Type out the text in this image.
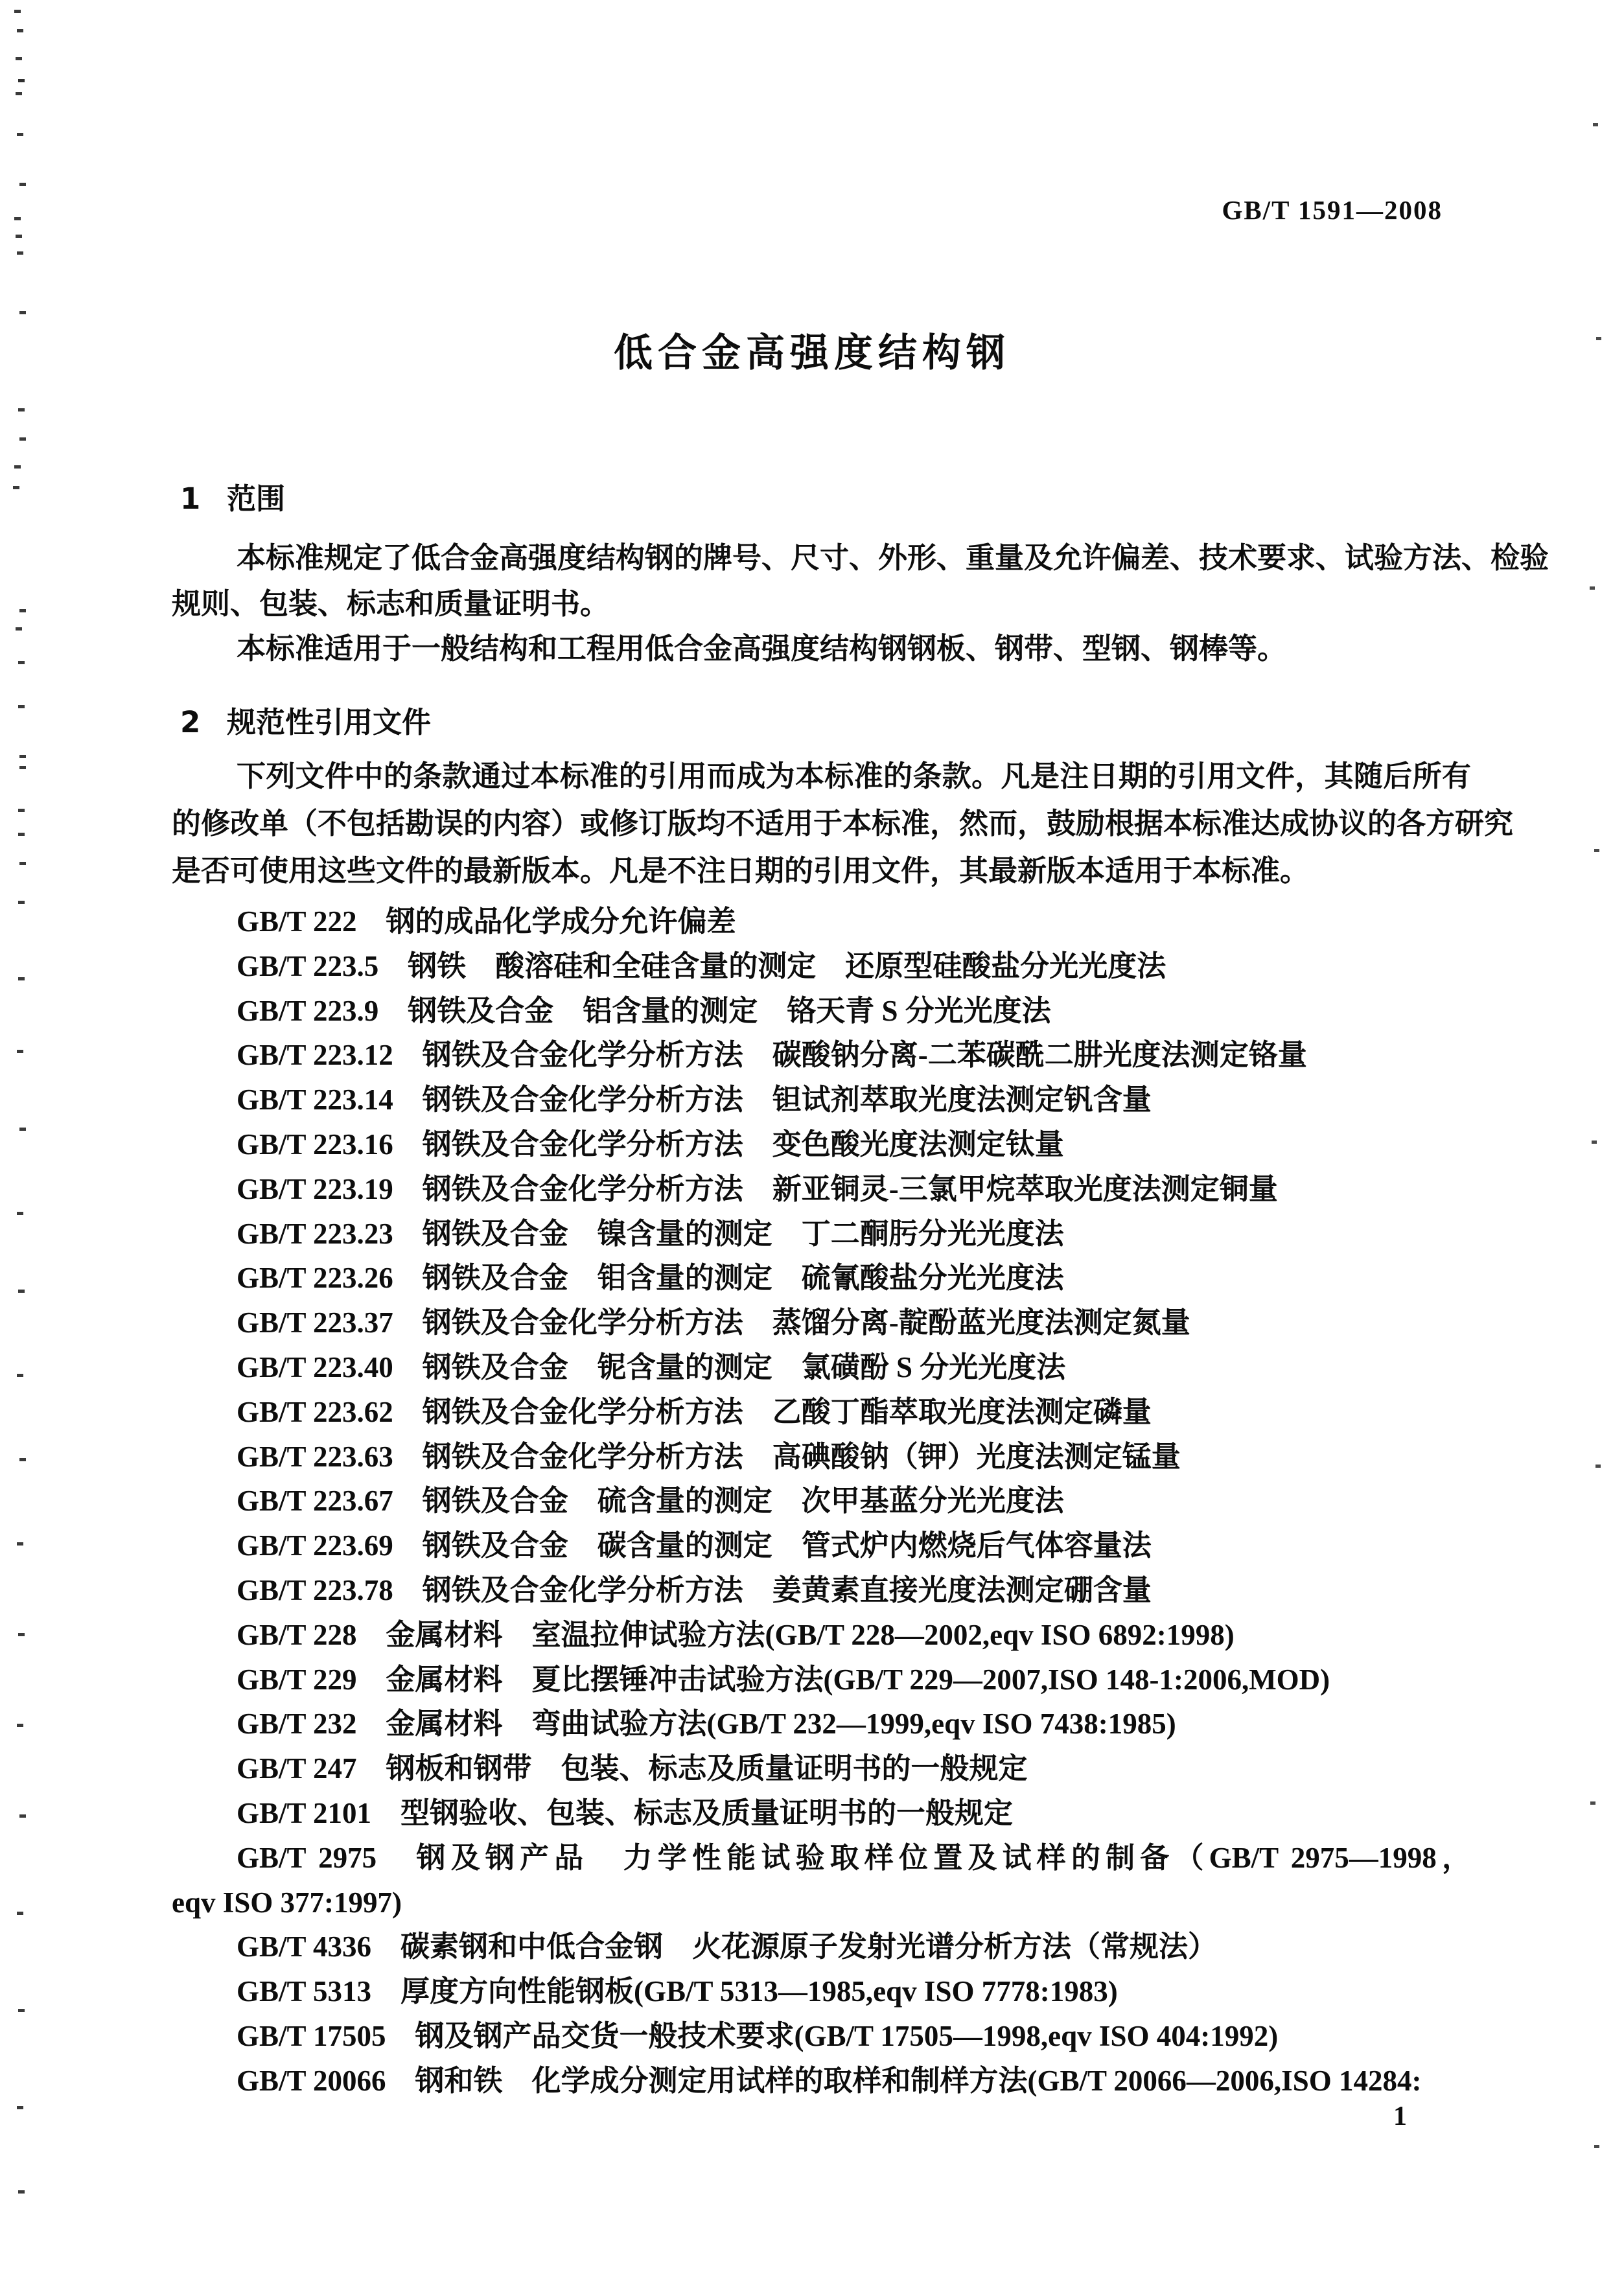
GB/T 1591—2008
低合金高强度结构钢
1 范围
本标准规定了低合金高强度结构钢的牌号、尺寸、外形、重量及允许偏差、技术要求、试验方法、检验
规则、包装、标志和质量证明书。
本标准适用于一般结构和工程用低合金高强度结构钢钢板、钢带、型钢、钢棒等。
2 规范性引用文件
下列文件中的条款通过本标准的引用而成为本标准的条款。凡是注日期的引用文件，其随后所有
的修改单（不包括勘误的内容）或修订版均不适用于本标准，然而，鼓励根据本标准达成协议的各方研究
是否可使用这些文件的最新版本。凡是不注日期的引用文件，其最新版本适用于本标准。
GB/T 222　钢的成品化学成分允许偏差
GB/T 223.5　钢铁　酸溶硅和全硅含量的测定　还原型硅酸盐分光光度法
GB/T 223.9　钢铁及合金　铝含量的测定　铬天青 S 分光光度法
GB/T 223.12　钢铁及合金化学分析方法　碳酸钠分离-二苯碳酰二肼光度法测定铬量
GB/T 223.14　钢铁及合金化学分析方法　钽试剂萃取光度法测定钒含量
GB/T 223.16　钢铁及合金化学分析方法　变色酸光度法测定钛量
GB/T 223.19　钢铁及合金化学分析方法　新亚铜灵-三氯甲烷萃取光度法测定铜量
GB/T 223.23　钢铁及合金　镍含量的测定　丁二酮肟分光光度法
GB/T 223.26　钢铁及合金　钼含量的测定　硫氰酸盐分光光度法
GB/T 223.37　钢铁及合金化学分析方法　蒸馏分离-靛酚蓝光度法测定氮量
GB/T 223.40　钢铁及合金　铌含量的测定　氯磺酚 S 分光光度法
GB/T 223.62　钢铁及合金化学分析方法　乙酸丁酯萃取光度法测定磷量
GB/T 223.63　钢铁及合金化学分析方法　高碘酸钠（钾）光度法测定锰量
GB/T 223.67　钢铁及合金　硫含量的测定　次甲基蓝分光光度法
GB/T 223.69　钢铁及合金　碳含量的测定　管式炉内燃烧后气体容量法
GB/T 223.78　钢铁及合金化学分析方法　姜黄素直接光度法测定硼含量
GB/T 228　金属材料　室温拉伸试验方法(GB/T 228—2002,eqv ISO 6892:1998)
GB/T 229　金属材料　夏比摆锤冲击试验方法(GB/T 229—2007,ISO 148-1:2006,MOD)
GB/T 232　金属材料　弯曲试验方法(GB/T 232—1999,eqv ISO 7438:1985)
GB/T 247　钢板和钢带　包装、标志及质量证明书的一般规定
GB/T 2101　型钢验收、包装、标志及质量证明书的一般规定
GB/T 2975　钢及钢产品　力学性能试验取样位置及试样的制备（GB/T 2975—1998，
eqv ISO 377:1997)
GB/T 4336　碳素钢和中低合金钢　火花源原子发射光谱分析方法（常规法）
GB/T 5313　厚度方向性能钢板(GB/T 5313—1985,eqv ISO 7778:1983)
GB/T 17505　钢及钢产品交货一般技术要求(GB/T 17505—1998,eqv ISO 404:1992)
GB/T 20066　钢和铁　化学成分测定用试样的取样和制样方法(GB/T 20066—2006,ISO 14284:
1
